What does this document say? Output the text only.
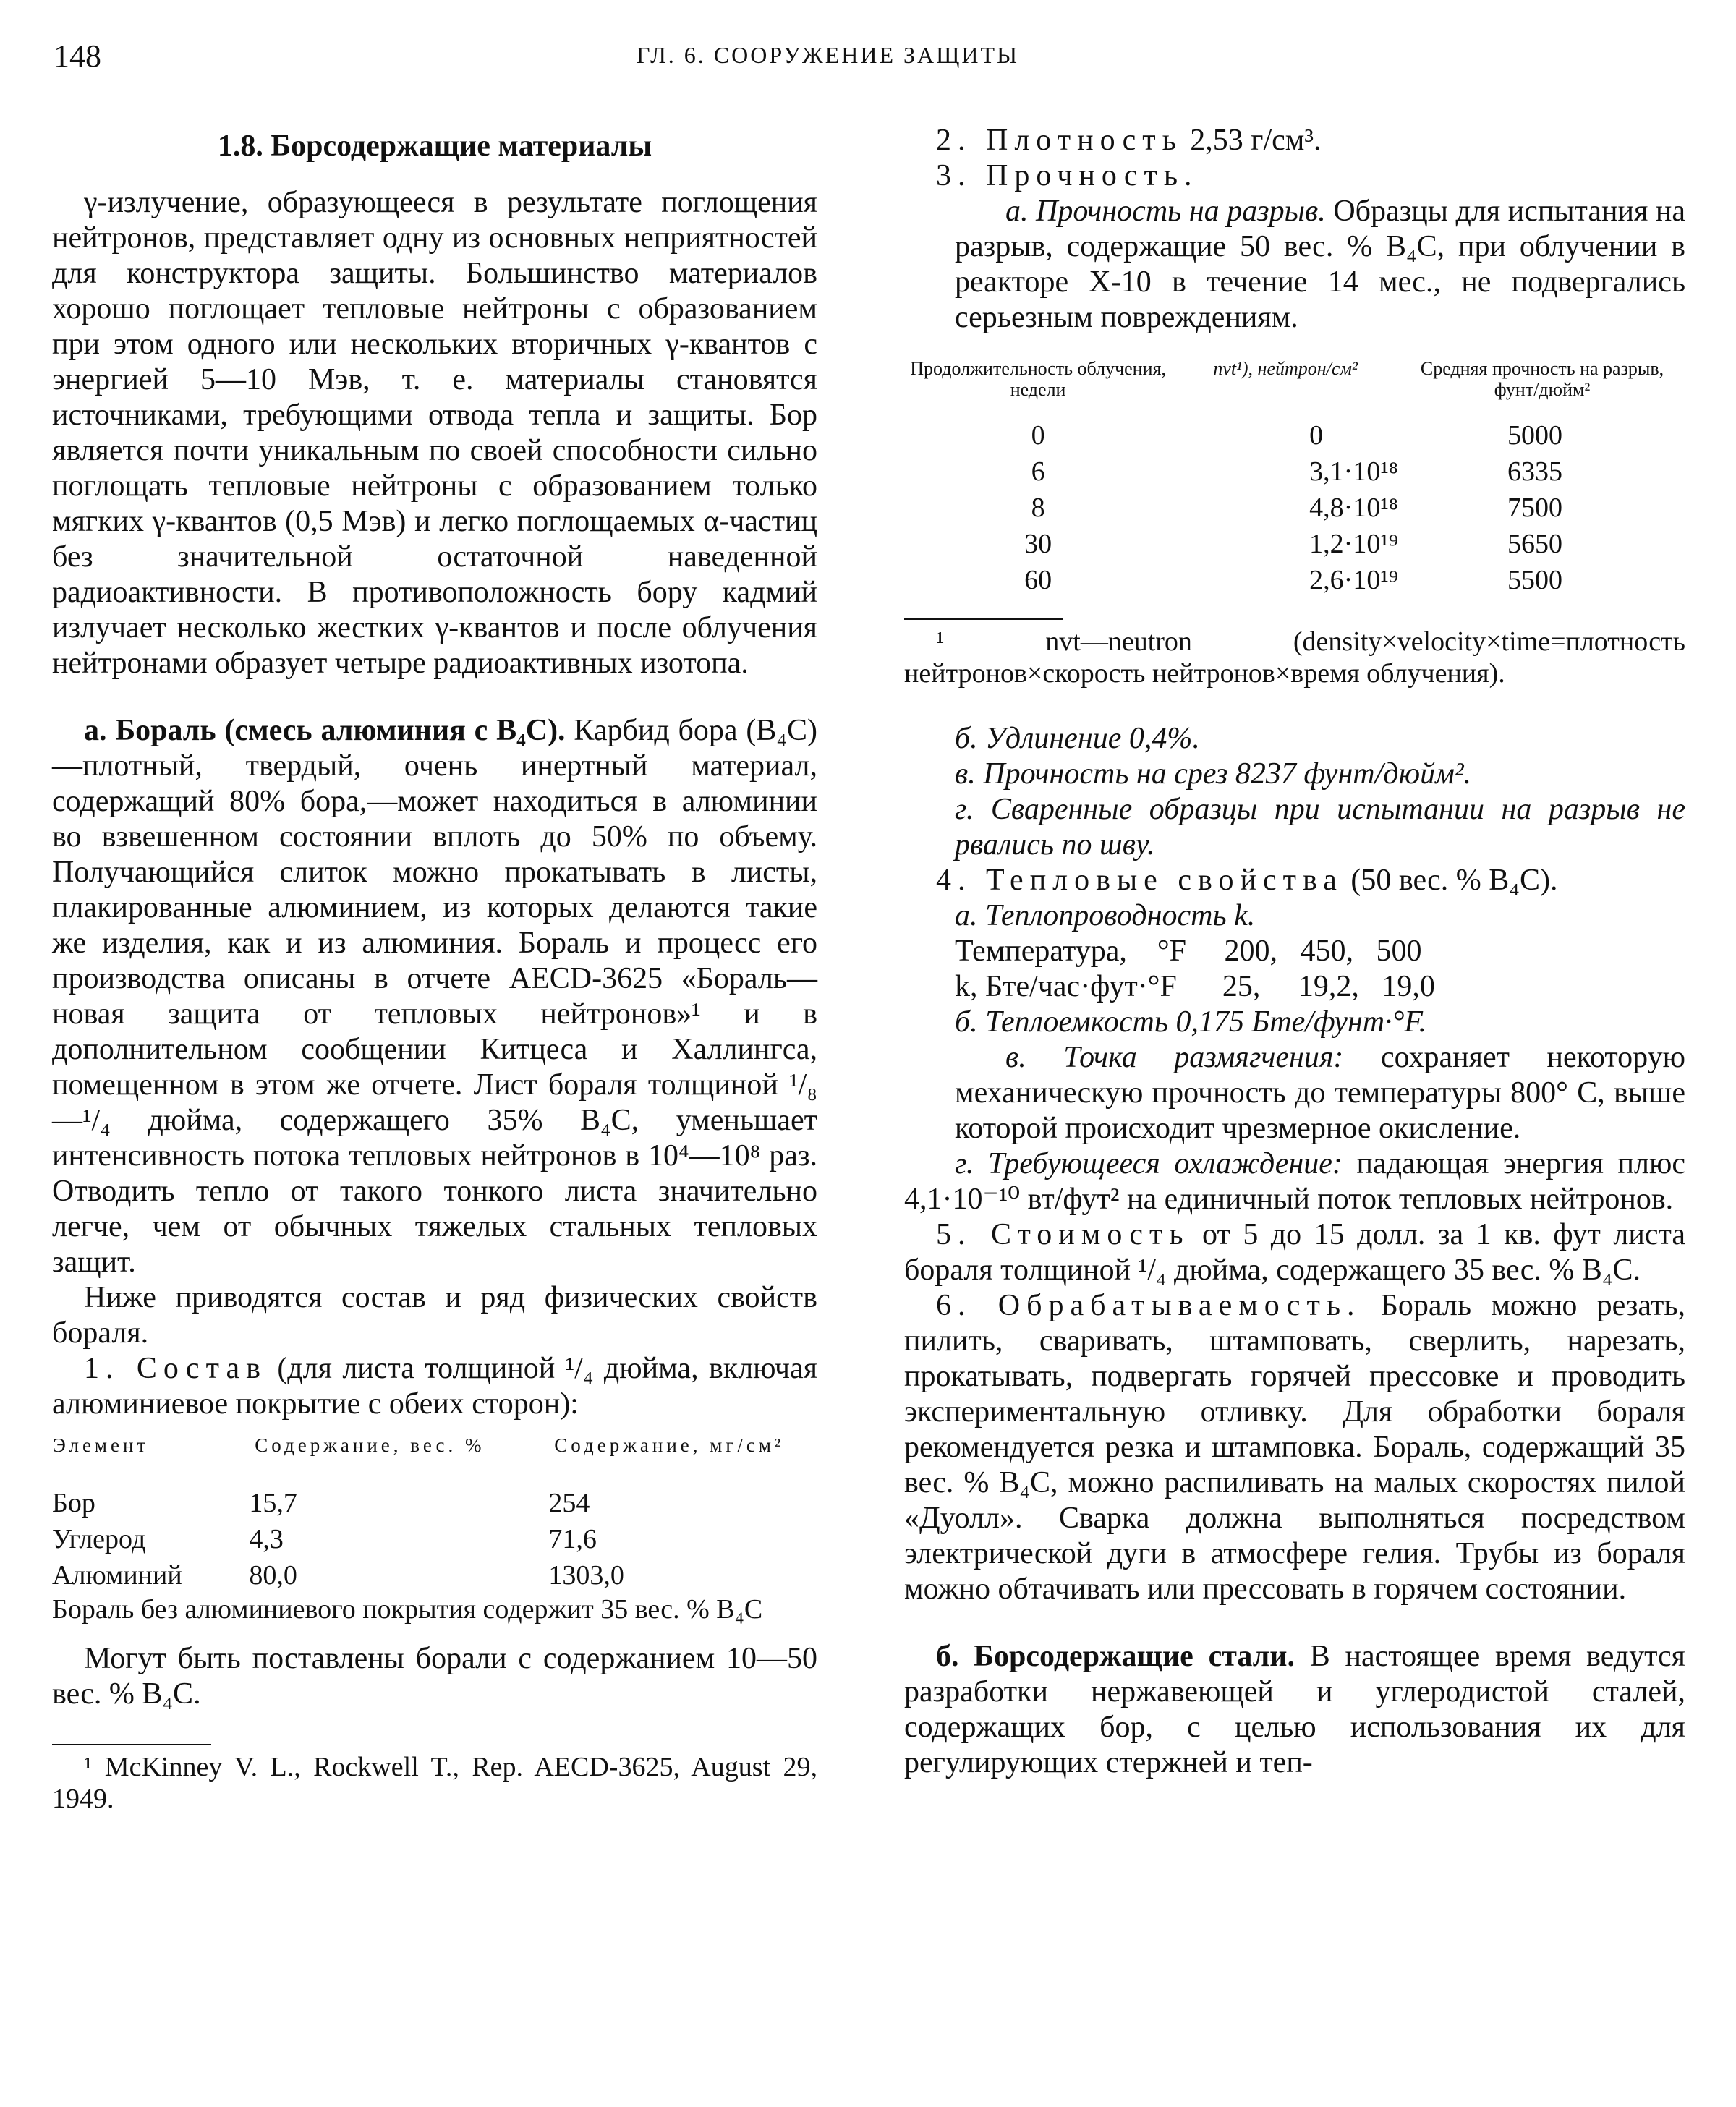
148	ГЛ. 6. СООРУЖЕНИЕ ЗАЩИТЫ
1.8. Борсодержащие материалы

γ-излучение, образующееся в результате поглощения нейтронов, представляет одну из основных неприятностей для конструктора защиты. Большинство материалов хорошо поглощает тепловые нейтроны с образованием при этом одного или нескольких вторичных γ-квантов с энергией 5—10 Мэв, т. е. материалы становятся источниками, требующими отвода тепла и защиты. Бор является почти уникальным по своей способности сильно поглощать тепловые нейтроны с образованием только мягких γ-квантов (0,5 Мэв) и легко поглощаемых α-частиц без значительной остаточной наведенной радиоактивности. В противоположность бору кадмий излучает несколько жестких γ-квантов и после облучения нейтронами образует четыре радиоактивных изотопа.

а. Бораль (смесь алюминия с B₄C). Карбид бора (B₄C)—плотный, твердый, очень инертный материал, содержащий 80% бора,—может находиться в алюминии во взвешенном состоянии вплоть до 50% по объему. Получающийся слиток можно прокатывать в листы, плакированные алюминием, из которых делаются такие же изделия, как и из алюминия. Бораль и процесс его производства описаны в отчете AECD-3625 «Бораль—новая защита от тепловых нейтронов»¹ и в дополнительном сообщении Китцеса и Халлингса, помещенном в этом же отчете. Лист бораля толщиной ¹/₈—¹/₄ дюйма, содержащего 35% B₄C, уменьшает интенсивность потока тепловых нейтронов в 10⁴—10⁸ раз. Отводить тепло от такого тонкого листа значительно легче, чем от обычных тяжелых стальных тепловых защит.

Ниже приводятся состав и ряд физических свойств бораля.

1. Состав (для листа толщиной ¹/₄ дюйма, включая алюминиевое покрытие с обеих сторон):

Элемент	Содержание, вес. %	Содержание, мг/см²
Бор	15,7	254
Углерод	4,3	71,6
Алюминий	80,0	1303,0

Бораль без алюминиевого покрытия содержит 35 вес. % B₄C

Могут быть поставлены борали с содержанием 10—50 вес. % B₄C.

¹ McKinney V. L., Rockwell T., Rep. AECD-3625, August 29, 1949.

2. Плотность 2,53 г/см³.

3. Прочность.

а. Прочность на разрыв. Образцы для испытания на разрыв, содержащие 50 вес. % B₄C, при облучении в реакторе X-10 в течение 14 мес., не подвергались серьезным повреждениям.

Продолжительность облучения, недели	nvt¹), нейтрон/см²	Средняя прочность на разрыв, фунт/дюйм²
0	0	5000
6	3,1·10¹⁸	6335
8	4,8·10¹⁸	7500
30	1,2·10¹⁹	5650
60	2,6·10¹⁹	5500

¹ nvt—neutron (density×velocity×time=плотность нейтронов×скорость нейтронов×время облучения).

б. Удлинение 0,4%.

в. Прочность на срез 8237 фунт/дюйм².

г. Сваренные образцы при испытании на разрыв не рвались по шву.

4. Тепловые свойства (50 вес. % B₄C).

а. Теплопроводность k.

Температура,    °F     200,   450,   500
k, Бте/час·фут·°F      25,     19,2,   19,0

б. Теплоемкость 0,175 Бте/фунт·°F.

в. Точка размягчения: сохраняет некоторую механическую прочность до температуры 800° С, выше которой происходит чрезмерное окисление.

г. Требующееся охлаждение: падающая энергия плюс 4,1·10⁻¹⁰ вт/фут² на единичный поток тепловых нейтронов.

5. Стоимость от 5 до 15 долл. за 1 кв. фут листа бораля толщиной ¹/₄ дюйма, содержащего 35 вес. % B₄C.

6. Обрабатываемость. Бораль можно резать, пилить, сваривать, штамповать, сверлить, нарезать, прокатывать, подвергать горячей прессовке и проводить экспериментальную отливку. Для обработки бораля рекомендуется резка и штамповка. Бораль, содержащий 35 вес. % B₄C, можно распиливать на малых скоростях пилой «Дуолл». Сварка должна выполняться посредством электрической дуги в атмосфере гелия. Трубы из бораля можно обтачивать или прессовать в горячем состоянии.

б. Борсодержащие стали. В настоящее время ведутся разработки нержавеющей и углеродистой сталей, содержащих бор, с целью использования их для регулирующих стержней и теп-
